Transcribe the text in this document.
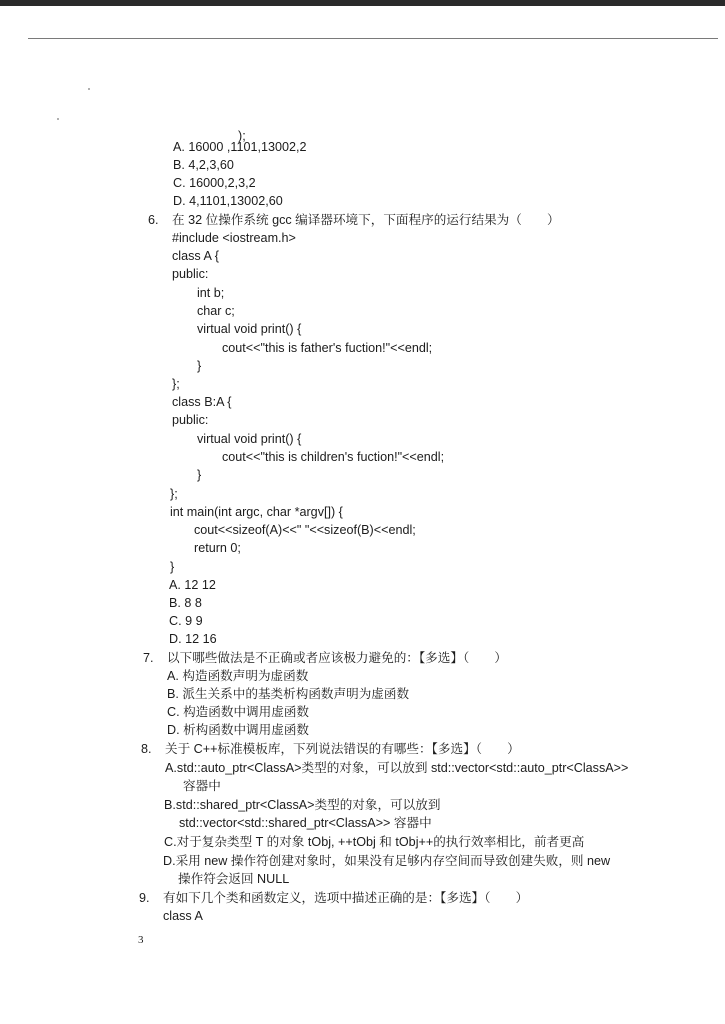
);
A. 16000 ,1101,13002,2
B. 4,2,3,60
C. 16000,2,3,2
D. 4,1101,13002,60
6. 在 32 位操作系统 gcc 编译器环境下，下面程序的运行结果为（　　）
#include <iostream.h>
class A {
public:
int b;
char c;
virtual void print() {
cout<<"this is father's fuction!"<<endl;
}
};
class B:A {
public:
virtual void print() {
cout<<"this is children's fuction!"<<endl;
}
};
int main(int argc, char *argv[]) {
cout<<sizeof(A)<<" "<<sizeof(B)<<endl;
return 0;
}
A. 12 12
B. 8 8
C. 9 9
D. 12 16
7. 以下哪些做法是不正确或者应该极力避免的：【多选】（　　）
A. 构造函数声明为虚函数
B. 派生关系中的基类析构函数声明为虚函数
C. 构造函数中调用虚函数
D. 析构函数中调用虚函数
8. 关于 C++标准模板库，下列说法错误的有哪些：【多选】（　　）
A.std::auto_ptr<ClassA>类型的对象，可以放到 std::vector<std::auto_ptr<ClassA>>
容器中
B.std::shared_ptr<ClassA>类型的对象，可以放到
std::vector<std::shared_ptr<ClassA>> 容器中
C.对于复杂类型 T 的对象 tObj, ++tObj 和 tObj++的执行效率相比，前者更高
D.采用 new 操作符创建对象时，如果没有足够内存空间而导致创建失败，则 new
操作符会返回 NULL
9. 有如下几个类和函数定义，选项中描述正确的是：【多选】（　　）
class A
3
